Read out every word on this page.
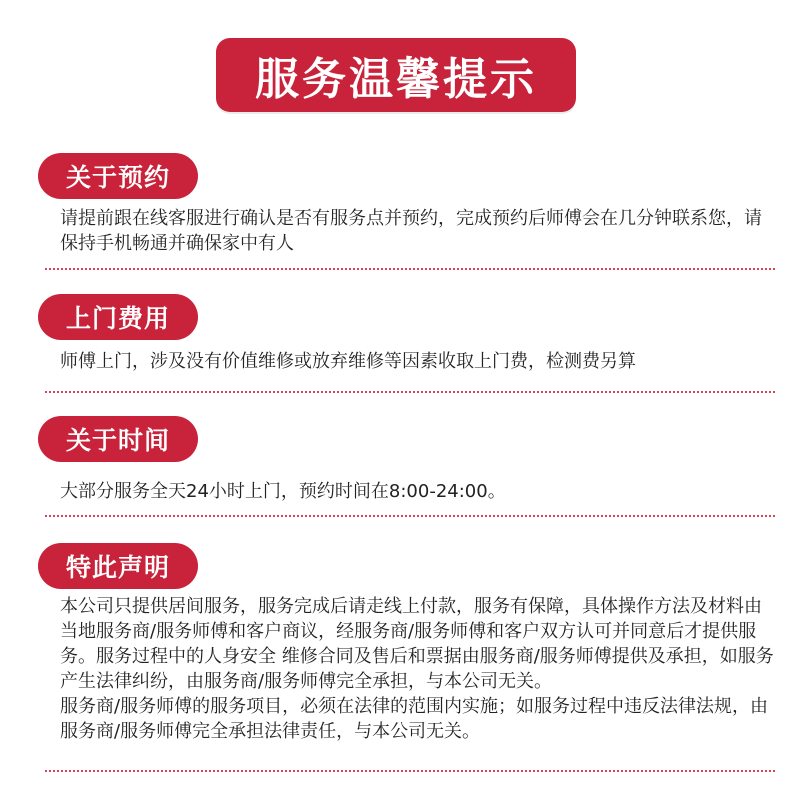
服务温馨提示
关于预约

请提前跟在线客服进行确认是否有服务点并预约，完成预约后师傅会在几分钟联系您，请保持手机畅通并确保家中有人

上门费用

师傅上门，涉及没有价值维修或放弃维修等因素收取上门费，检测费另算

关于时间

大部分服务全天24小时上门，预约时间在8:00-24:00。

特此声明

本公司只提供居间服务，服务完成后请走线上付款，服务有保障，具体操作方法及材料由当地服务商/服务师傅和客户商议，经服务商/服务师傅和客户双方认可并同意后才提供服务。服务过程中的人身安全 维修合同及售后和票据由服务商/服务师傅提供及承担，如服务产生法律纠纷，由服务商/服务师傅完全承担，与本公司无关。

服务商/服务师傅的服务项目，必须在法律的范围内实施；如服务过程中违反法律法规，由服务商/服务师傅完全承担法律责任，与本公司无关。
